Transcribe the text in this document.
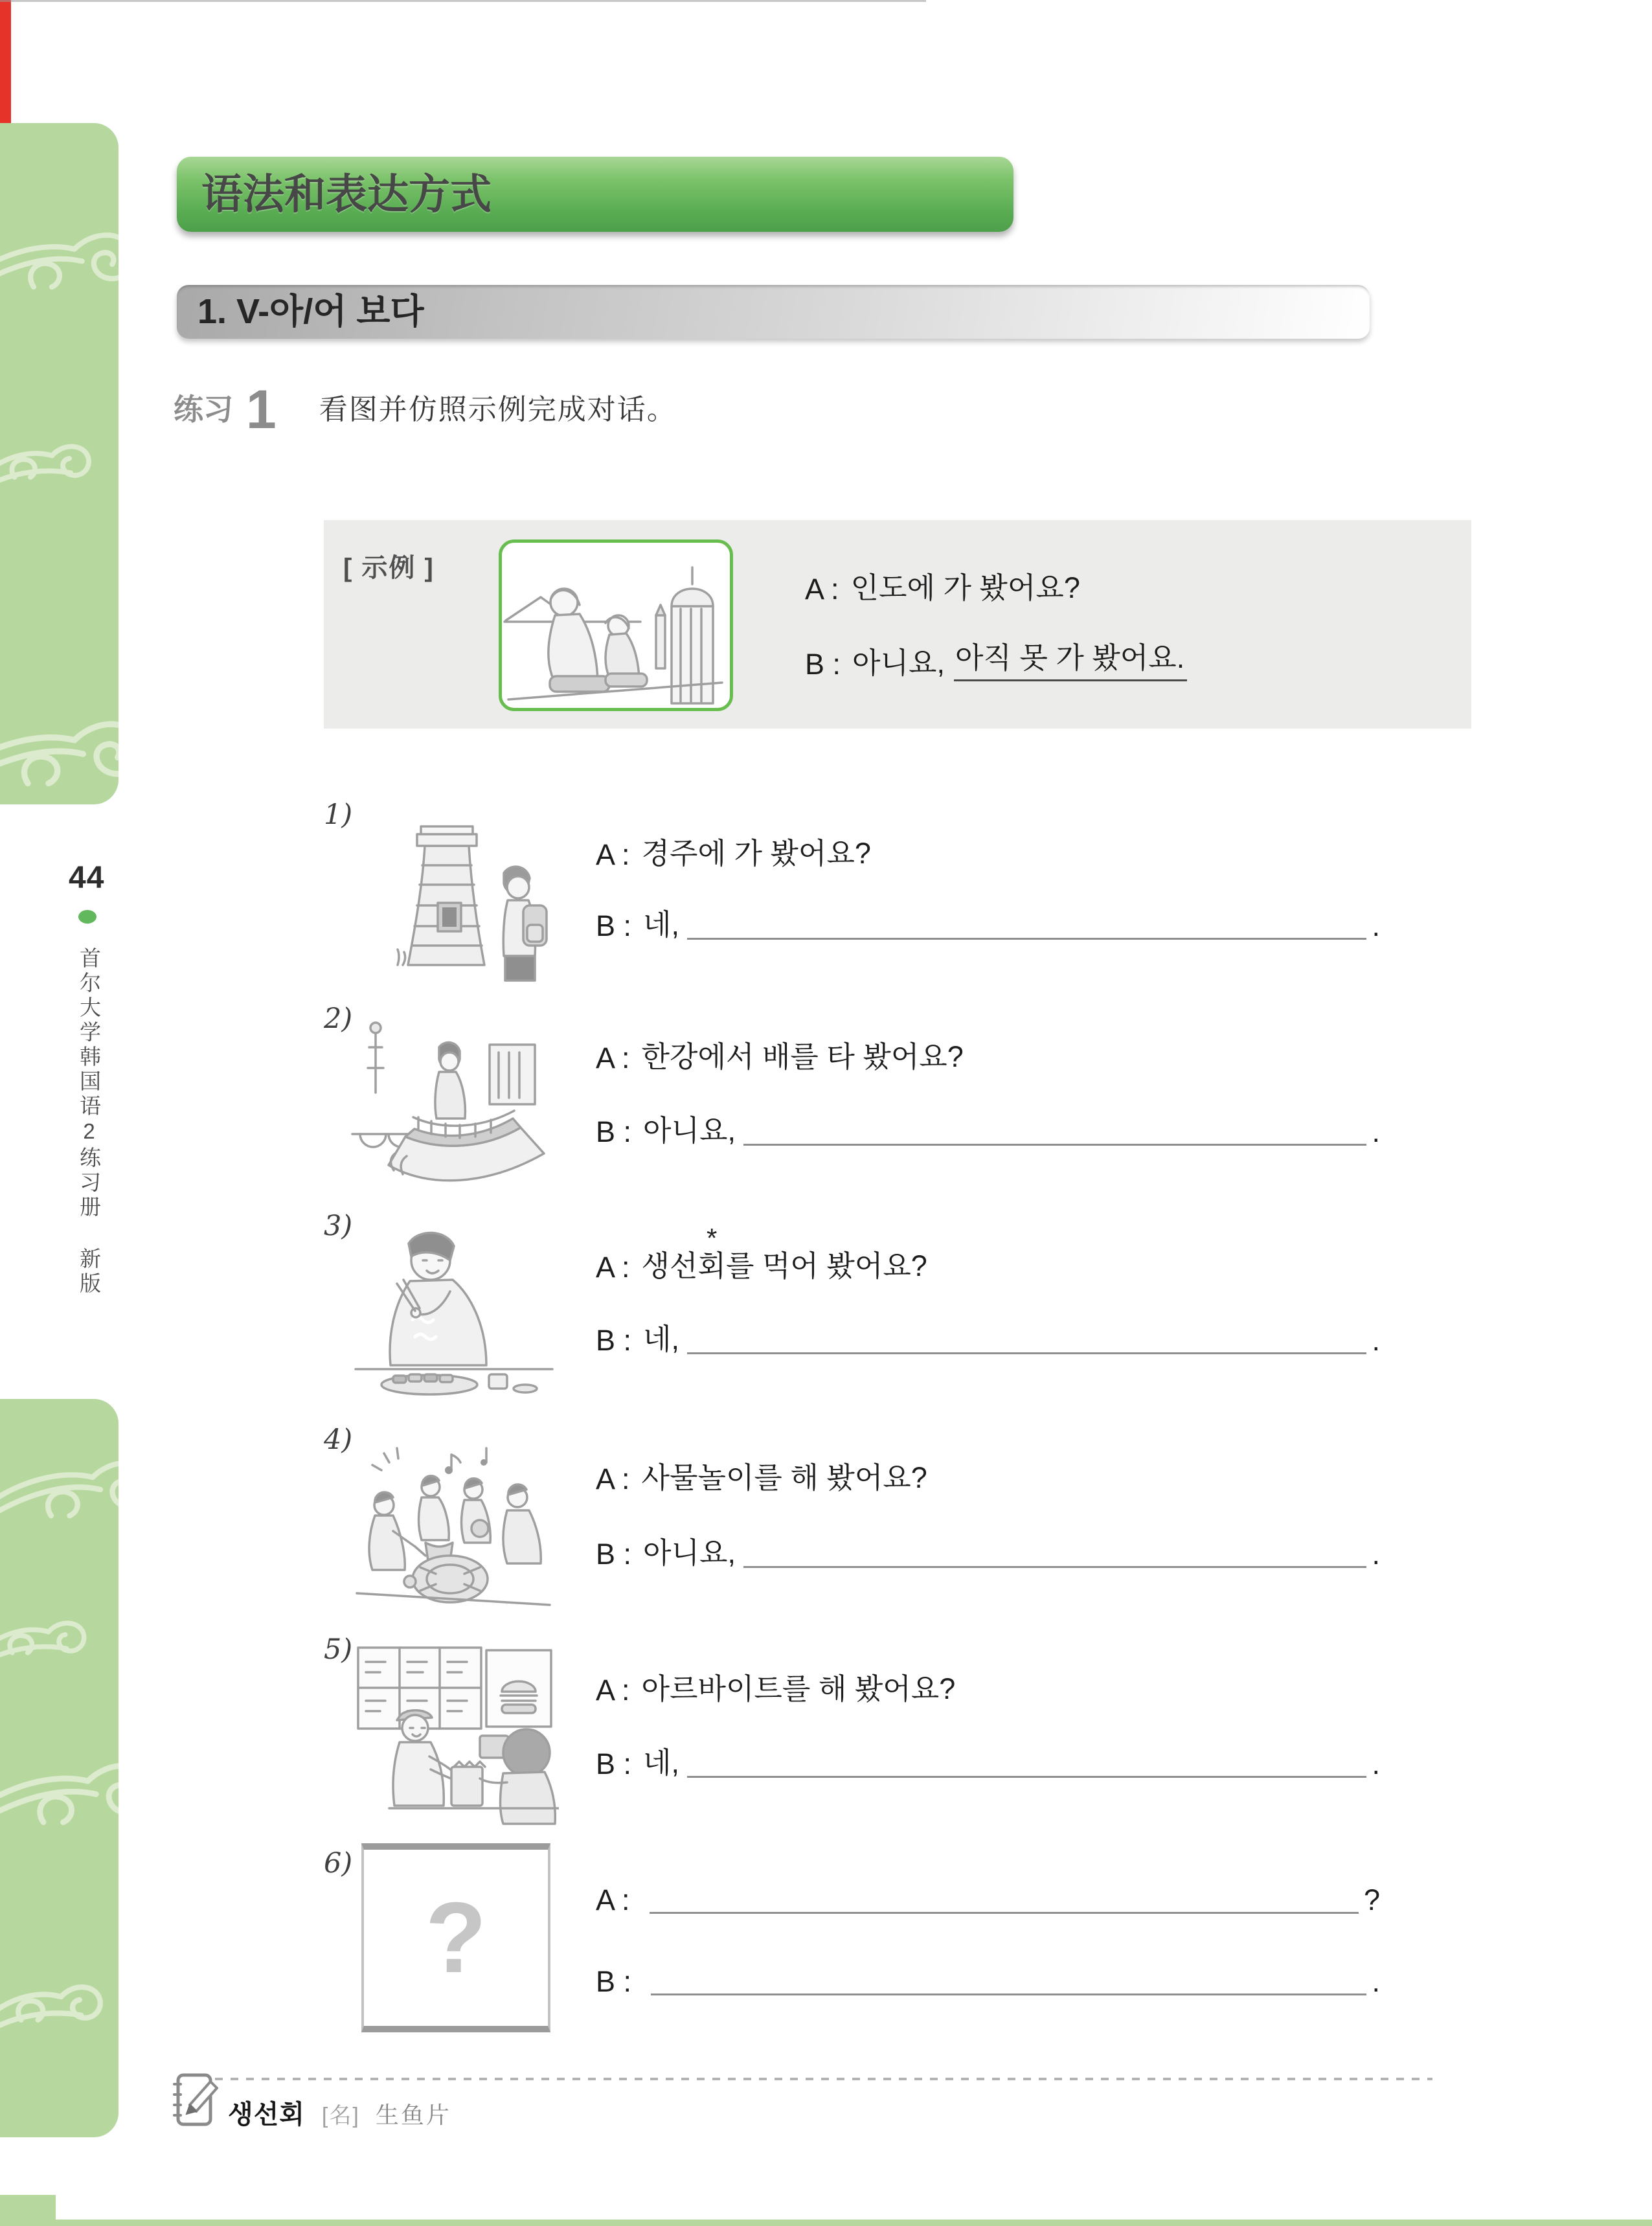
44
首尔大学韩国语2练习册 新版
语法和表达方式
1. V-아/어 보다
练习 1 看图并仿照示例完成对话。
[ 示例 ]
A : 인도에 가 봤어요?
B : 아니요, 아직 못 가 봤어요.
1)
A : 경주에 가 봤어요?
B : 네,	.
2)
A : 한강에서 배를 타 봤어요?
B : 아니요,	.
3)
A : 생선
*
회를 먹어 봤어요?
B : 네,	.
4)
A : 사물놀이를 해 봤어요?
B : 아니요,	.
5)
A : 아르바이트를 해 봤어요?
B : 네,	.
6)
?	A :	?
B :	.
생선회 [名] 生鱼片
